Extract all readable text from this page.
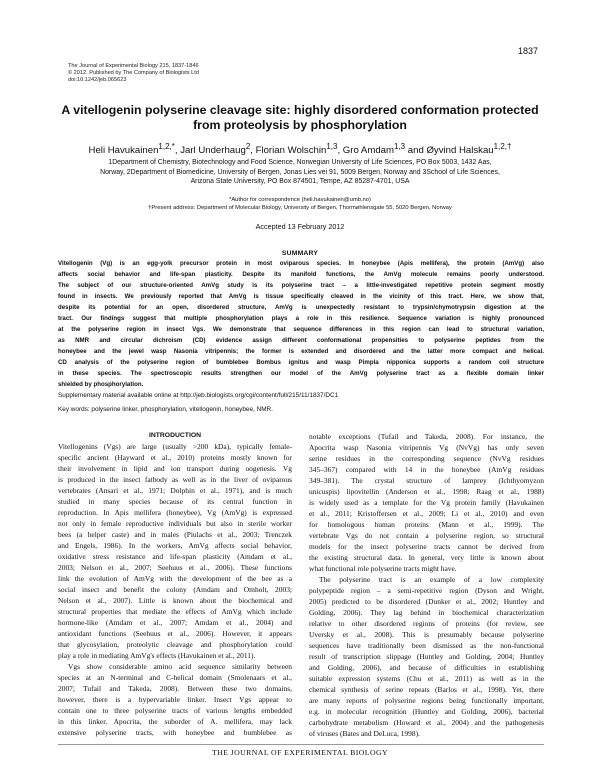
1837
The Journal of Experimental Biology 215, 1837-1846
© 2012. Published by The Company of Biologists Ltd
doi:10.1242/jeb.065623
A vitellogenin polyserine cleavage site: highly disordered conformation protected
from proteolysis by phosphorylation
Heli Havukainen$^{1,2,*}$, Jarl Underhaug$^2$, Florian Wolschin$^{1,3}$, Gro Amdam$^{1,3}$ and Øyvind Halskau$^{1,2,\dagger}$
1Department of Chemistry, Biotechnology and Food Science, Norwegian University of Life Sciences, PO Box 5003, 1432 Aas,
Norway, 2Department of Biomedicine, University of Bergen, Jonas Lies vei 91, 5009 Bergen, Norway and 3School of Life Sciences,
Arizona State University, PO Box 874501, Tempe, AZ 85287-4701, USA
*Author for correspondence (heli.havukainen@umb.no)
†Present address: Department of Molecular Biology, University of Bergen, Thormøhlensgate 55, 5020 Bergen, Norway
Accepted 13 February 2012
SUMMARY
Vitellogenin (Vg) is an egg-yolk precursor protein in most oviparous species. In honeybee (Apis mellifera), the protein (AmVg) also
affects social behavior and life-span plasticity. Despite its manifold functions, the AmVg molecule remains poorly understood.
The subject of our structure-oriented AmVg study is its polyserine tract – a little-investigated repetitive protein segment mostly
found in insects. We previously reported that AmVg is tissue specifically cleaved in the vicinity of this tract. Here, we show that,
despite its potential for an open, disordered structure, AmVg is unexpectedly resistant to trypsin/chymotrypsin digestion at the
tract. Our findings suggest that multiple phosphorylation plays a role in this resilience. Sequence variation is highly pronounced
at the polyserine region in insect Vgs. We demonstrate that sequence differences in this region can lead to structural variation,
as NMR and circular dichroism (CD) evidence assign different conformational propensities to polyserine peptides from the
honeybee and the jewel wasp Nasonia vitripennis; the former is extended and disordered and the latter more compact and helical.
CD analysis of the polyserine region of bumblebee Bombus ignitus and wasp Pimpla nipponica supports a random coil structure
in these species. The spectroscopic results strengthen our model of the AmVg polyserine tract as a flexible domain linker
shielded by phosphorylation.
Supplementary material available online at http://jeb.biologists.org/cgi/content/full/215/11/1837/DC1
Key words: polyserine linker, phosphorylation, vitellogenin, honeybee, NMR.
INTRODUCTION
Vitellogenins (Vgs) are large (usually >200 kDa), typically female-
specific ancient (Hayward et al., 2010) proteins mostly known for
their involvement in lipid and ion transport during oogenesis. Vg
is produced in the insect fatbody as well as in the liver of oviparous
vertebrates (Ansari et al., 1971; Dolphin et al., 1971), and is much
studied in many species because of its central function in
reproduction. In Apis mellifera (honeybee), Vg (AmVg) is expressed
not only in female reproductive individuals but also in sterile worker
bees (a helper caste) and in males (Piulachs et al., 2003; Trenczek
and Engels, 1986). In the workers, AmVg affects social behavior,
oxidative stress resistance and life-span plasticity (Amdam et al.,
2003; Nelson et al., 2007; Seehuus et al., 2006). These functions
link the evolution of AmVg with the development of the bee as a
social insect and benefit the colony (Amdam and Omholt, 2003;
Nelson et al., 2007). Little is known about the biochemical and
structural properties that mediate the effects of AmVg which include
hormone-like (Amdam et al., 2007; Amdam et al., 2004) and
antioxidant functions (Seehuus et al., 2006). However, it appears
that glycosylation, proteolytic cleavage and phosphorylation could
play a role in mediating AmVg's effects (Havukainen et al., 2011).
Vgs show considerable amino acid sequence similarity between
species at an N-terminal and C-helical domain (Smolenaars et al.,
2007; Tufail and Takeda, 2008). Between these two domains,
however, there is a hypervariable linker. Insect Vgs appear to
contain one to three polyserine tracts of various lengths embedded
in this linker. Apocrita, the suborder of A. mellifera, may lack
extensive polyserine tracts, with honeybee and bumblebee as
notable exceptions (Tufail and Takeda, 2008). For instance, the
Apocrita wasp Nasonia vitripennis Vg (NvVg) has only seven
serine residues in the corresponding sequence (NvVg residues
345–367) compared with 14 in the honeybee (AmVg residues
349–381). The crystal structure of lamprey (Ichthyomyzon
unicuspis) lipovitellin (Anderson et al., 1998; Raag et al., 1988)
is widely used as a template for the Vg protein family (Havukainen
et al., 2011; Kristoffersen et al., 2009; Li et al., 2010) and even
for homologous human proteins (Mann et al., 1999). The
vertebrate Vgs do not contain a polyserine region, so structural
models for the insect polyserine tracts cannot be derived from
the existing structural data. In general, very little is known about
what functional role polyserine tracts might have.
The polyserine tract is an example of a low complexity
polypeptide region – a semi-repetitive region (Dyson and Wright,
2005) predicted to be disordered (Dunker et al., 2002; Huntley and
Golding, 2006). They lag behind in biochemical characterization
relative to other disordered regions of proteins (for review, see
Uversky et al., 2008). This is presumably because polyserine
sequences have traditionally been dismissed as the non-functional
result of transcription slippage (Huntley and Golding, 2004; Huntley
and Golding, 2006), and because of difficulties in establishing
suitable expression systems (Chu et al., 2011) as well as in the
chemical synthesis of serine repeats (Barlos et al., 1998). Yet, there
are many reports of polyserine regions being functionally important,
e.g. in molecular recognition (Huntley and Golding, 2006), bacterial
carbohydrate metabolism (Howard et al., 2004) and the pathogenesis
of viruses (Bates and DeLuca, 1998).
THE JOURNAL OF EXPERIMENTAL BIOLOGY
